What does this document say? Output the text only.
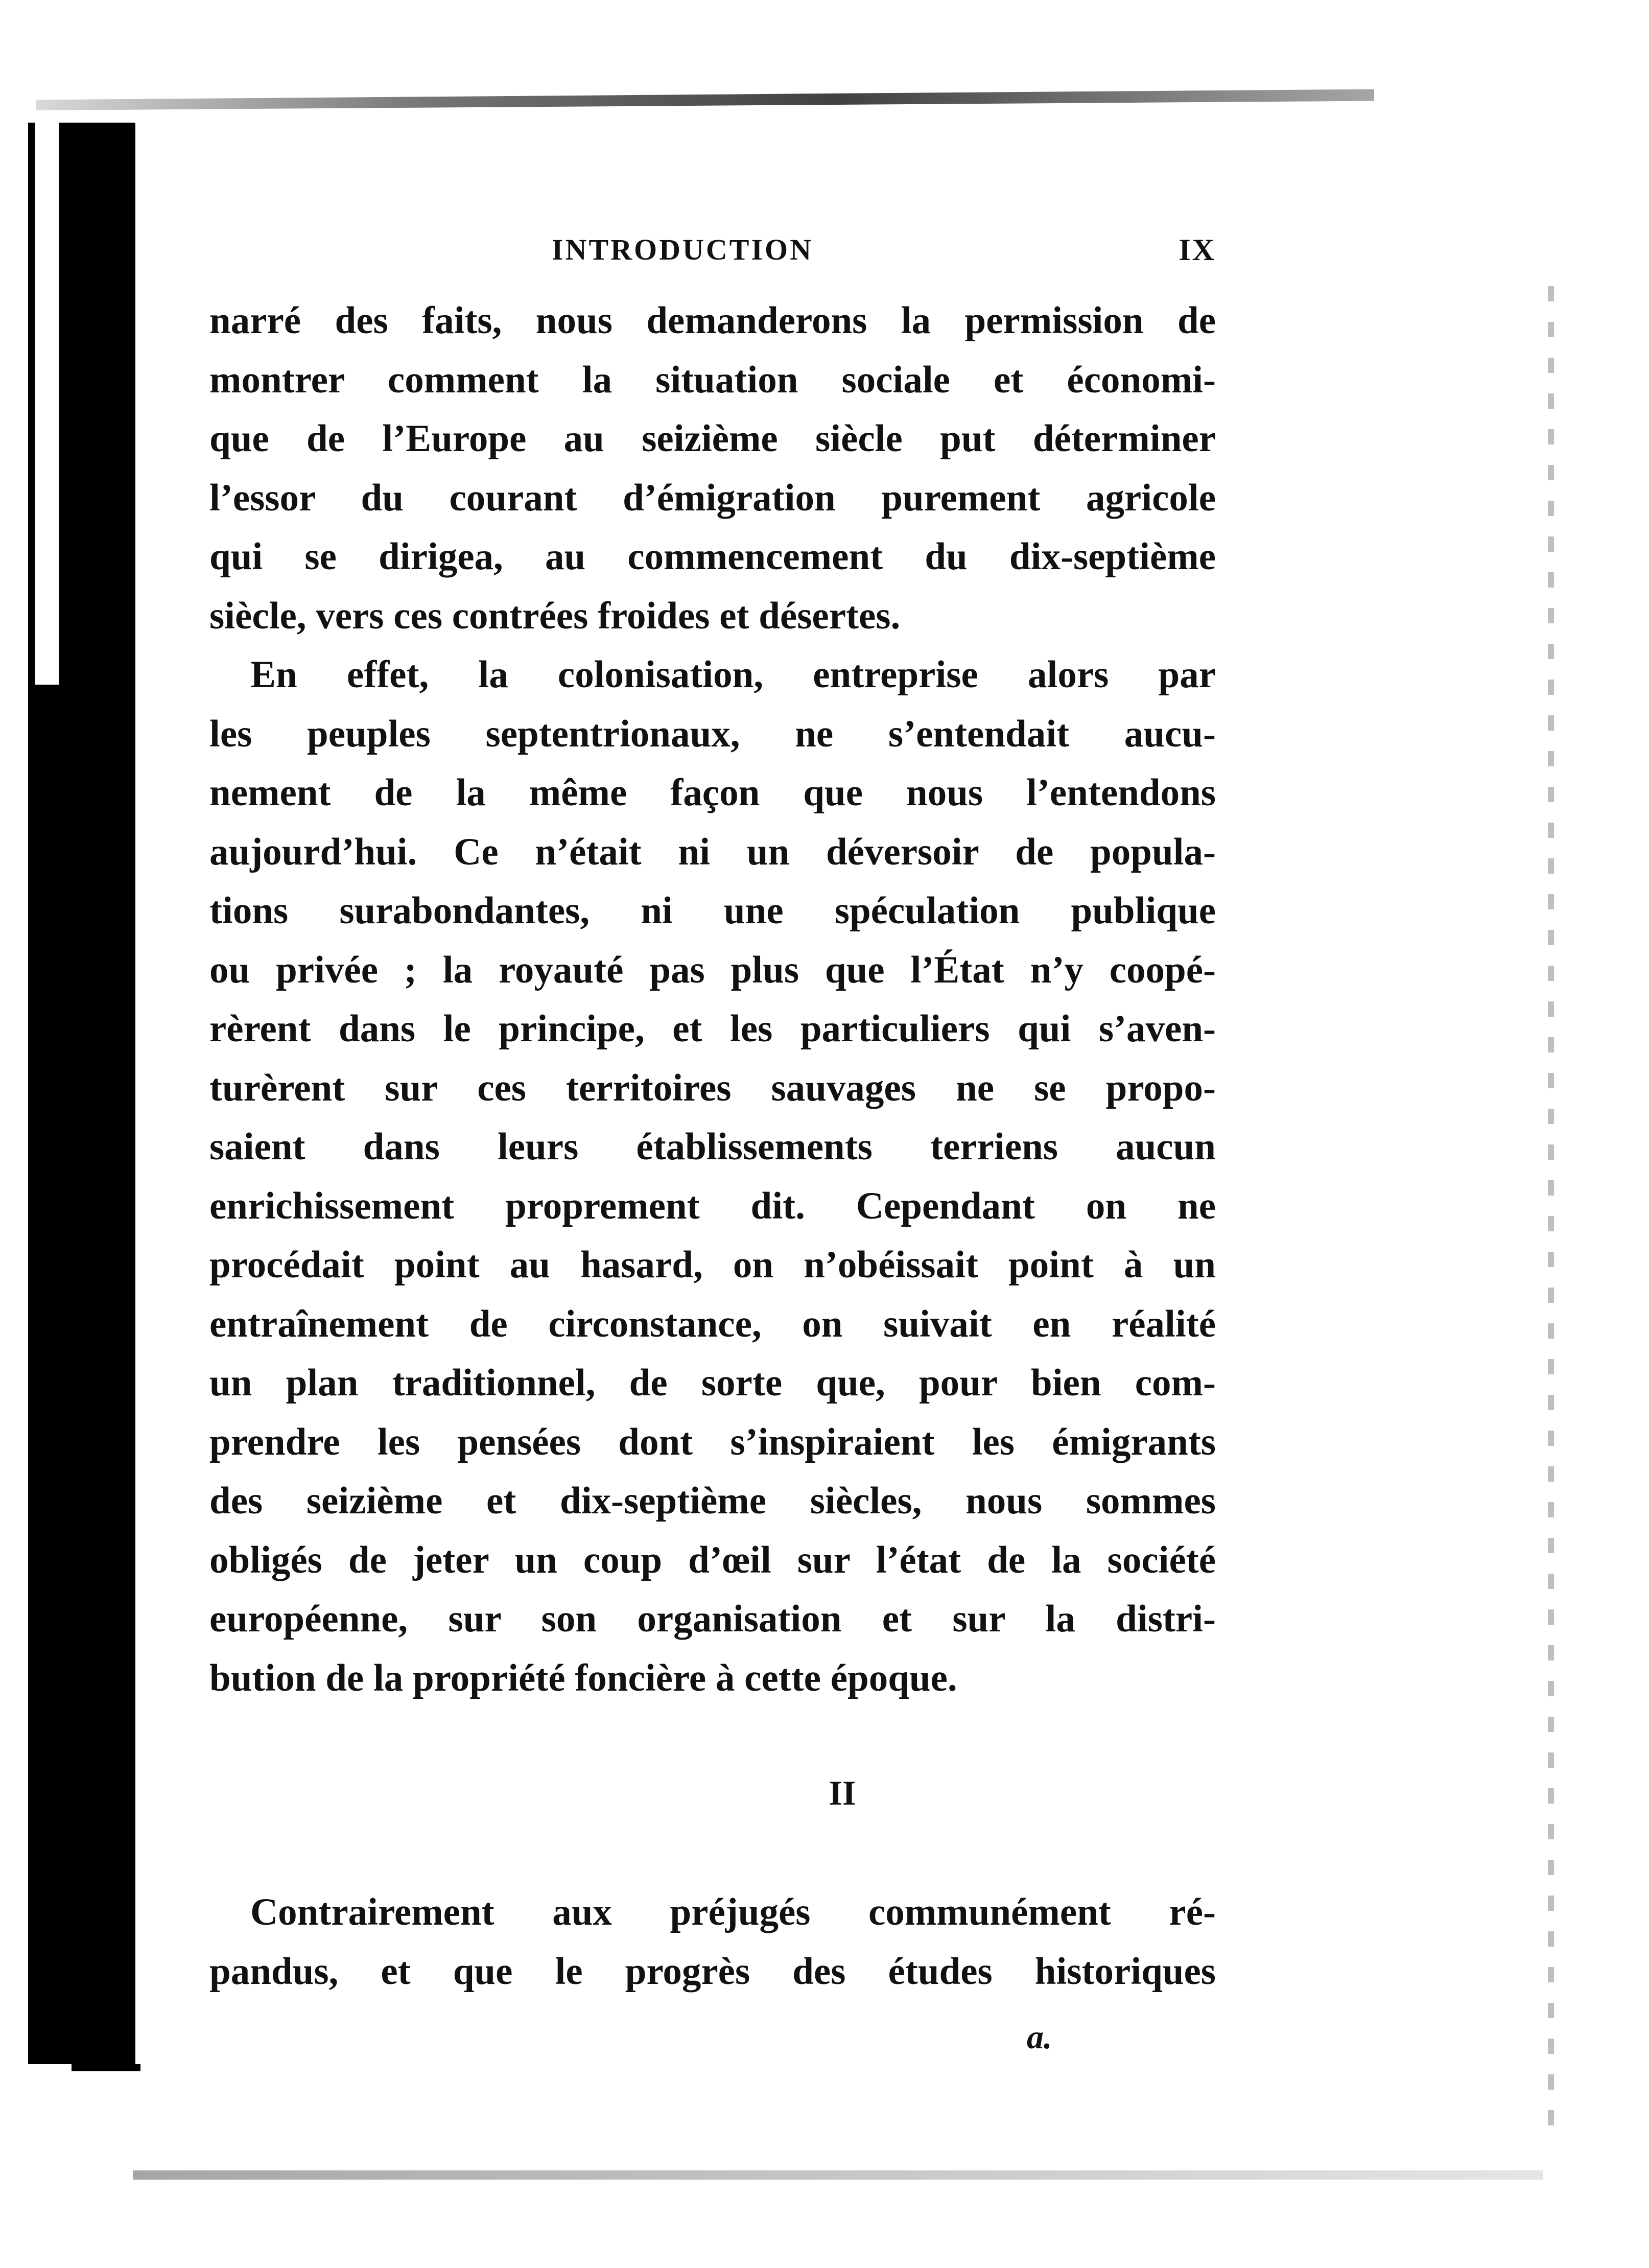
INTRODUCTION	IX
narré des faits, nous demanderons la permission de
montrer comment la situation sociale et économi-
que de l’Europe au seizième siècle put déterminer
l’essor du courant d’émigration purement agricole
qui se dirigea, au commencement du dix-septième
siècle, vers ces contrées froides et désertes.
En effet, la colonisation, entreprise alors par
les peuples septentrionaux, ne s’entendait aucu-
nement de la même façon que nous l’entendons
aujourd’hui. Ce n’était ni un déversoir de popula-
tions surabondantes, ni une spéculation publique
ou privée ; la royauté pas plus que l’État n’y coopé-
rèrent dans le principe, et les particuliers qui s’aven-
turèrent sur ces territoires sauvages ne se propo-
saient dans leurs établissements terriens aucun
enrichissement proprement dit. Cependant on ne
procédait point au hasard, on n’obéissait point à un
entraînement de circonstance, on suivait en réalité
un plan traditionnel, de sorte que, pour bien com-
prendre les pensées dont s’inspiraient les émigrants
des seizième et dix-septième siècles, nous sommes
obligés de jeter un coup d’œil sur l’état de la société
européenne, sur son organisation et sur la distri-
bution de la propriété foncière à cette époque.
II
Contrairement aux préjugés communément ré-
pandus, et que le progrès des études historiques
a.
